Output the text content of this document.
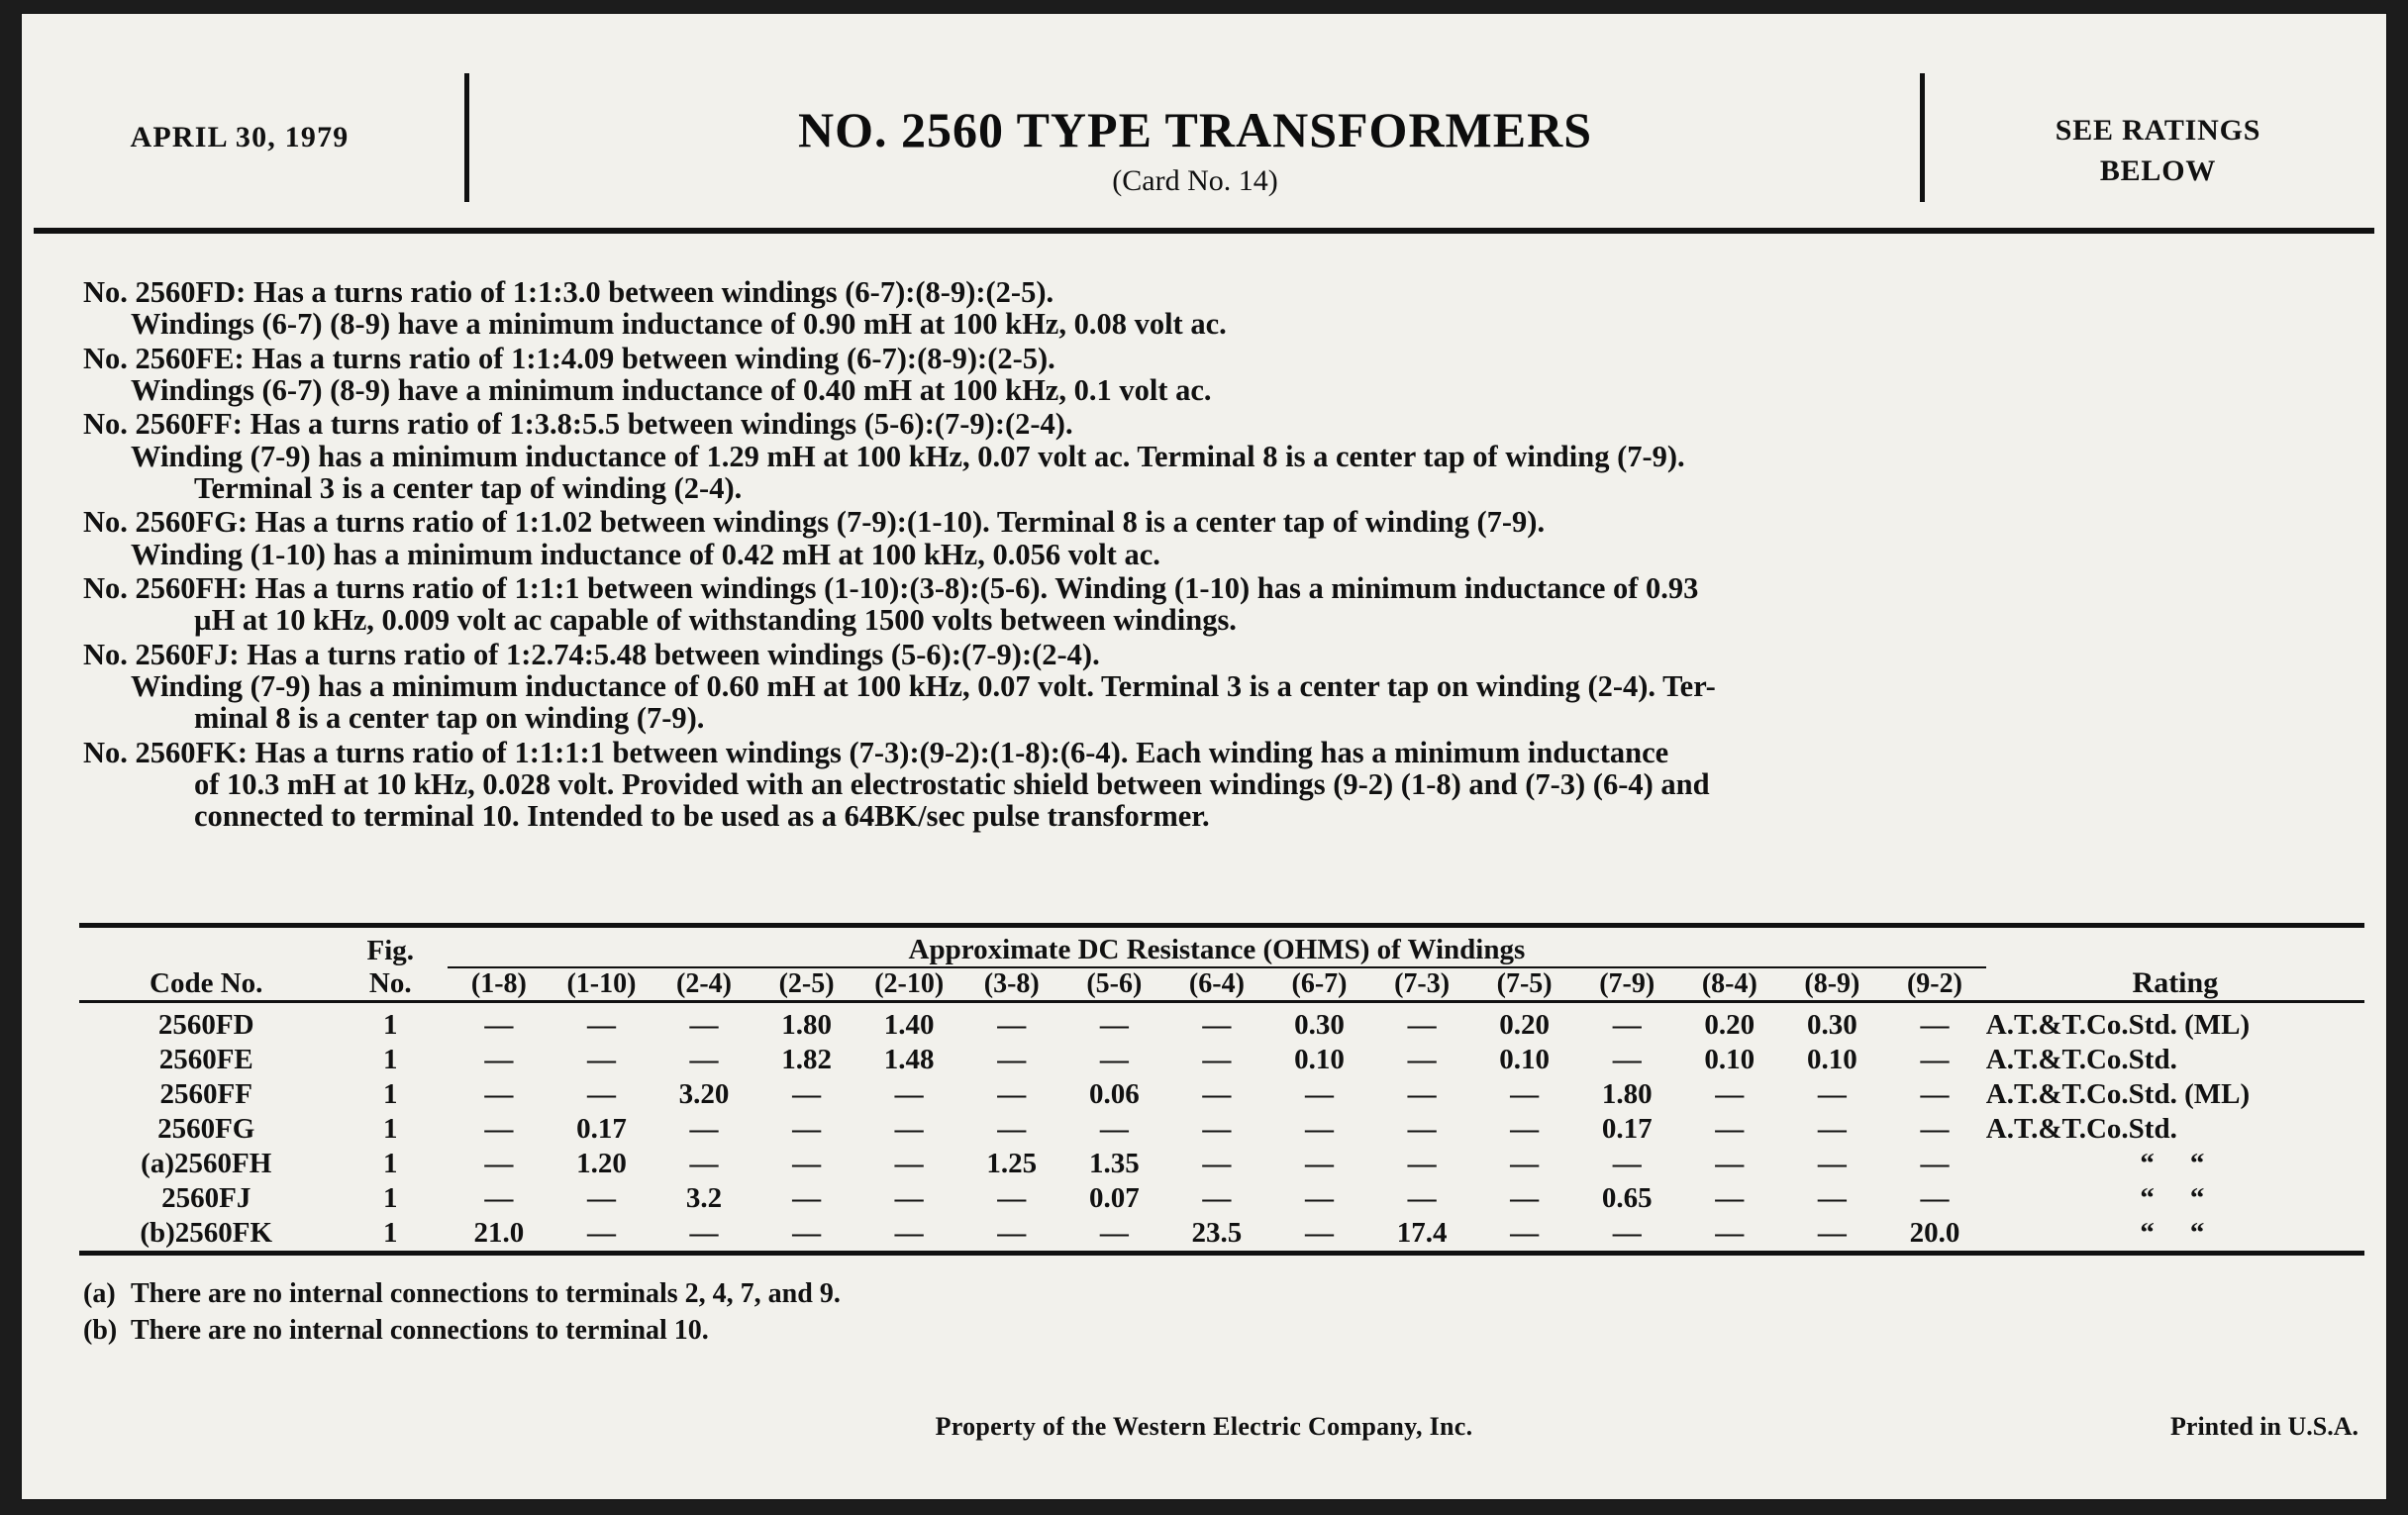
APRIL 30, 1979	NO. 2560 TYPE TRANSFORMERS
(Card No. 14)
SEE RATINGS
BELOW
No. 2560FD: Has a turns ratio of 1:1:3.0 between windings (6-7):(8-9):(2-5).
Windings (6-7) (8-9) have a minimum inductance of 0.90 mH at 100 kHz, 0.08 volt ac.
No. 2560FE: Has a turns ratio of 1:1:4.09 between winding (6-7):(8-9):(2-5).
Windings (6-7) (8-9) have a minimum inductance of 0.40 mH at 100 kHz, 0.1 volt ac.
No. 2560FF: Has a turns ratio of 1:3.8:5.5 between windings (5-6):(7-9):(2-4).
Winding (7-9) has a minimum inductance of 1.29 mH at 100 kHz, 0.07 volt ac. Terminal 8 is a center tap of winding (7-9).
Terminal 3 is a center tap of winding (2-4).
No. 2560FG: Has a turns ratio of 1:1.02 between windings (7-9):(1-10). Terminal 8 is a center tap of winding (7-9).
Winding (1-10) has a minimum inductance of 0.42 mH at 100 kHz, 0.056 volt ac.
No. 2560FH: Has a turns ratio of 1:1:1 between windings (1-10):(3-8):(5-6). Winding (1-10) has a minimum inductance of 0.93
µH at 10 kHz, 0.009 volt ac capable of withstanding 1500 volts between windings.
No. 2560FJ: Has a turns ratio of 1:2.74:5.48 between windings (5-6):(7-9):(2-4).
Winding (7-9) has a minimum inductance of 0.60 mH at 100 kHz, 0.07 volt. Terminal 3 is a center tap on winding (2-4). Ter-
minal 8 is a center tap on winding (7-9).
No. 2560FK: Has a turns ratio of 1:1:1:1 between windings (7-3):(9-2):(1-8):(6-4). Each winding has a minimum inductance
of 10.3 mH at 10 kHz, 0.028 volt. Provided with an electrostatic shield between windings (9-2) (1-8) and (7-3) (6-4) and
connected to terminal 10. Intended to be used as a 64BK/sec pulse transformer.

Code No.	Fig.	Approximate DC Resistance (OHMS) of Windings															Rating
	No.	(1-8)	(1-10)	(2-4)	(2-5)	(2-10)	(3-8)	(5-6)	(6-4)	(6-7)	(7-3)	(7-5)	(7-9)	(8-4)	(8-9)	(9-2)	

2560FD	1	—	—	—	1.80	1.40	—	—	—	0.30	—	0.20	—	0.20	0.30	—	A.T.&T.Co.Std. (ML)
2560FE	1	—	—	—	1.82	1.48	—	—	—	0.10	—	0.10	—	0.10	0.10	—	A.T.&T.Co.Std.
2560FF	1	—	—	3.20	—	—	—	0.06	—	—	—	—	1.80	—	—	—	A.T.&T.Co.Std. (ML)
2560FG	1	—	0.17	—	—	—	—	—	—	—	—	—	0.17	—	—	—	A.T.&T.Co.Std.
(a)2560FH	1	—	1.20	—	—	—	1.25	1.35	—	—	—	—	—	—	—	—	““
2560FJ	1	—	—	3.2	—	—	—	0.07	—	—	—	—	0.65	—	—	—	““
(b)2560FK	1	21.0	—	—	—	—	—	—	23.5	—	17.4	—	—	—	—	20.0	““

(a) There are no internal connections to terminals 2, 4, 7, and 9.
(b) There are no internal connections to terminal 10.
Property of the Western Electric Company, Inc.	Printed in U.S.A.
